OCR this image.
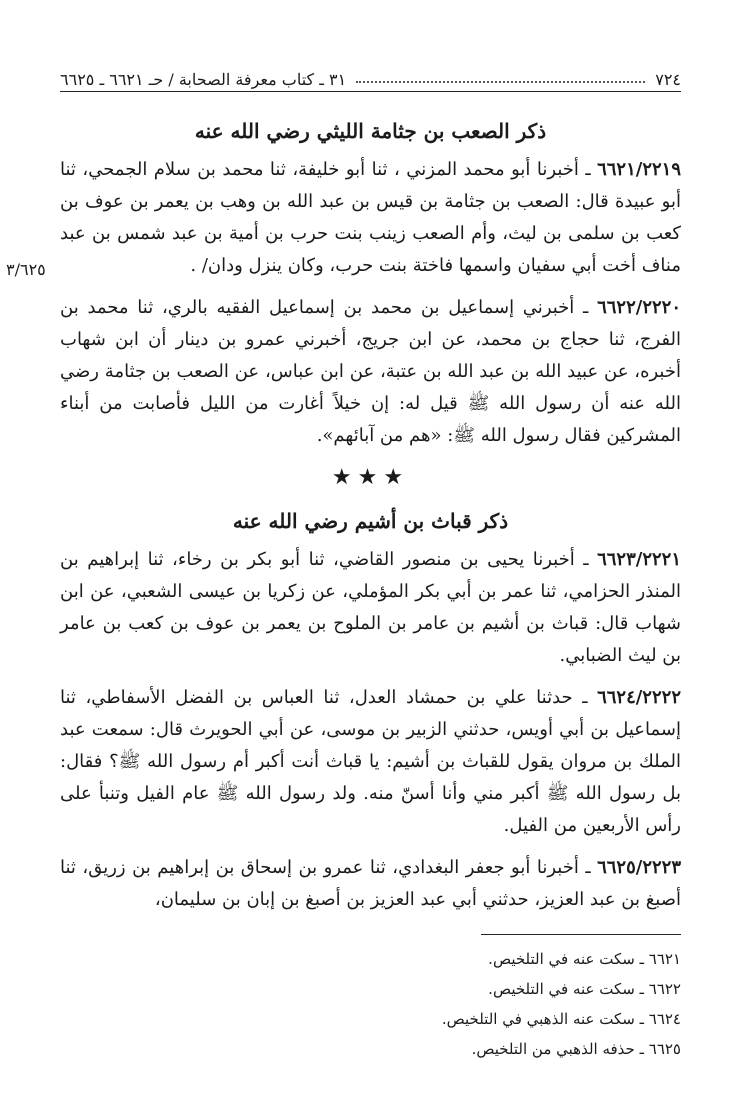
٧٢٤
٣١ ـ كتاب معرفة الصحابة / حـ ٦٦٢١ ـ ٦٦٢٥
٣/٦٢٥
ذكر الصعب بن جثامة الليثي رضي الله عنه

٦٦٢١/٢٢١٩ ـ أخبرنا أبو محمد المزني ، ثنا أبو خليفة، ثنا محمد بن سلام الجمحي، ثنا أبو عبيدة قال: الصعب بن جثامة بن قيس بن عبد الله بن وهب بن يعمر بن عوف بن كعب بن سلمى بن ليث، وأم الصعب زينب بنت حرب بن أمية بن عبد شمس بن عبد مناف أخت أبي سفيان واسمها فاختة بنت حرب، وكان ينزل ودان/ .

٦٦٢٢/٢٢٢٠ ـ أخبرني إسماعيل بن محمد بن إسماعيل الفقيه بالري، ثنا محمد بن الفرج، ثنا حجاج بن محمد، عن ابن جريج، أخبرني عمرو بن دينار أن ابن شهاب أخبره، عن عبيد الله بن عبد الله بن عتبة، عن ابن عباس، عن الصعب بن جثامة رضي الله عنه أن رسول الله ﷺ قيل له: إن خيلاً أغارت من الليل فأصابت من أبناء المشركين فقال رسول الله ﷺ: «هم من آبائهم».

★★★
ذكر قباث بن أشيم رضي الله عنه

٦٦٢٣/٢٢٢١ ـ أخبرنا يحيى بن منصور القاضي، ثنا أبو بكر بن رخاء، ثنا إبراهيم بن المنذر الحزامي، ثنا عمر بن أبي بكر المؤملي، عن زكريا بن عيسى الشعبي، عن ابن شهاب قال: قباث بن أشيم بن عامر بن الملوح بن يعمر بن عوف بن كعب بن عامر بن ليث الضبابي.

٦٦٢٤/٢٢٢٢ ـ حدثنا علي بن حمشاد العدل، ثنا العباس بن الفضل الأسفاطي، ثنا إسماعيل بن أبي أويس، حدثني الزبير بن موسى، عن أبي الحويرث قال: سمعت عبد الملك بن مروان يقول للقباث بن أشيم: يا قباث أنت أكبر أم رسول الله ﷺ؟ فقال: بل رسول الله ﷺ أكبر مني وأنا أسنّ منه. ولد رسول الله ﷺ عام الفيل وتنبأ على رأس الأربعين من الفيل.

٦٦٢٥/٢٢٢٣ ـ أخبرنا أبو جعفر البغدادي، ثنا عمرو بن إسحاق بن إبراهيم بن زريق، ثنا أصبغ بن عبد العزيز، حدثني أبي عبد العزيز بن أصبغ بن إبان بن سليمان،

٦٦٢١ ـ سكت عنه في التلخيص.
٦٦٢٢ ـ سكت عنه في التلخيص.
٦٦٢٤ ـ سكت عنه الذهبي في التلخيص.
٦٦٢٥ ـ حذفه الذهبي من التلخيص.
